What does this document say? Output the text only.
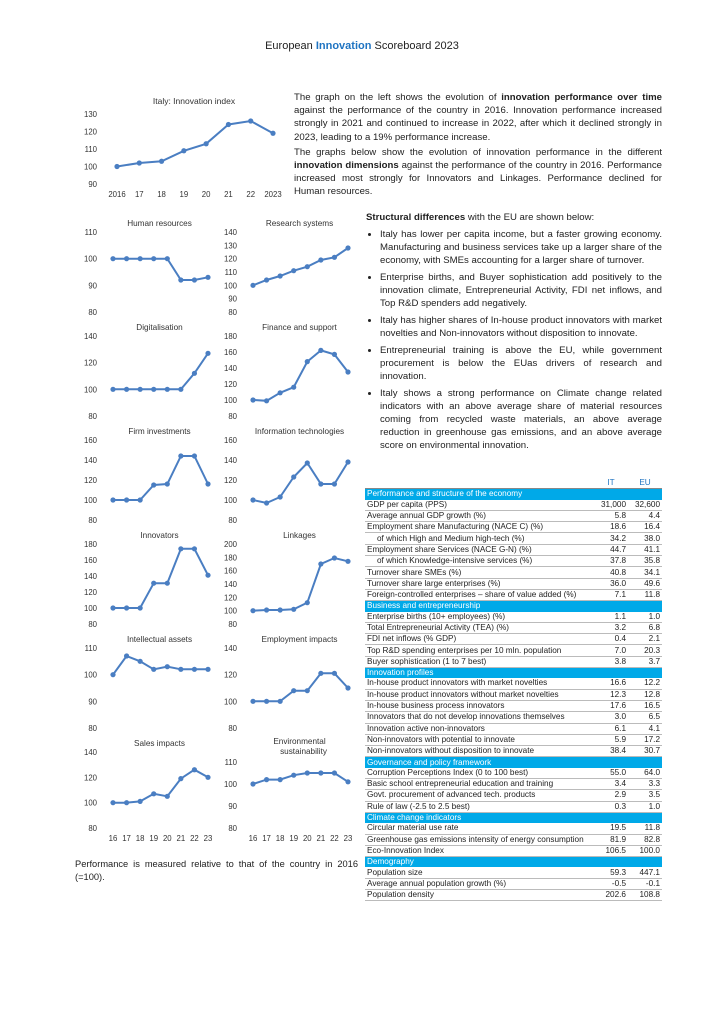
European Innovation Scoreboard 2023
Italy: Innovation index
90
100
110
120
130
2016 17 18 19 20 21 22 2023

The graph on the left shows the evolution of innovation performance over time against the performance of the country in 2016. Innovation performance increased strongly in 2021 and continued to increase in 2022, after which it declined strongly in 2023, leading to a 19% performance increase.

The graphs below show the evolution of innovation performance in the different innovation dimensions against the performance of the country in 2016. Performance increased most strongly for Innovators and Linkages. Performance declined for Human resources.

Human resources
80
90
100
110
Research systems
80
90
100
110
120
130
140
Digitalisation
80
100
120
140
Finance and support
80
100
120
140
160
180
Firm investments
80
100
120
140
160
Information technologies
80
100
120
140
160
Innovators
80
100
120
140
160
180
Linkages
80
100
120
140
160
180
200
Intellectual assets
80
90
100
110
Employment impacts
80
100
120
140
Sales impacts
80
100
120
140
16 17 18 19 20 21 22 23
Environmental sustainability
80
90
100
110
16 17 18 19 20 21 22 23

Structural differences with the EU are shown below:

• Italy has lower per capita income, but a faster growing economy. Manufacturing and business services take up a larger share of the economy, with SMEs accounting for a larger share of turnover.
• Enterprise births, and Buyer sophistication add positively to the innovation climate, Entrepreneurial Activity, FDI net inflows, and Top R&D spenders add negatively.
• Italy has higher shares of In-house product innovators with market novelties and Non-innovators without disposition to innovate.
• Entrepreneurial training is above the EU, while government procurement is below the EUas drivers of research and innovation.
• Italy shows a strong performance on Climate change related indicators with an above average share of material resources coming from recycled waste materials, an above average reduction in greenhouse gas emissions, and an above average score on environmental innovation.
	IT	EU
Performance and structure of the economy		
GDP per capita (PPS)	31,000	32,600
Average annual GDP growth (%)	5.8	4.4
Employment share Manufacturing (NACE C) (%)	18.6	16.4
of which High and Medium high-tech (%)	34.2	38.0
Employment share Services (NACE G-N) (%)	44.7	41.1
of which Knowledge-intensive services (%)	37.8	35.8
Turnover share SMEs (%)	40.8	34.1
Turnover share large enterprises (%)	36.0	49.6
Foreign-controlled enterprises – share of value added (%)	7.1	11.8
Business and entrepreneurship		
Enterprise births (10+ employees) (%)	1.1	1.0
Total Entrepreneurial Activity (TEA) (%)	3.2	6.8
FDI net inflows (% GDP)	0.4	2.1
Top R&D spending enterprises per 10 mln. population	7.0	20.3
Buyer sophistication (1 to 7 best)	3.8	3.7
Innovation profiles		
In-house product innovators with market novelties	16.6	12.2
In-house product innovators without market novelties	12.3	12.8
In-house business process innovators	17.6	16.5
Innovators that do not develop innovations themselves	3.0	6.5
Innovation active non-innovators	6.1	4.1
Non-innovators with potential to innovate	5.9	17.2
Non-innovators without disposition to innovate	38.4	30.7
Governance and policy framework		
Corruption Perceptions Index (0 to 100 best)	55.0	64.0
Basic school entrepreneurial education and training	3.4	3.3
Govt. procurement of advanced tech. products	2.9	3.5
Rule of law (-2.5 to 2.5 best)	0.3	1.0
Climate change indicators		
Circular material use rate	19.5	11.8
Greenhouse gas emissions intensity of energy consumption	81.9	82.8
Eco-Innovation Index	106.5	100.0
Demography		
Population size	59.3	447.1
Average annual population growth (%)	-0.5	-0.1
Population density	202.6	108.8
Performance is measured relative to that of the country in 2016 (=100).
